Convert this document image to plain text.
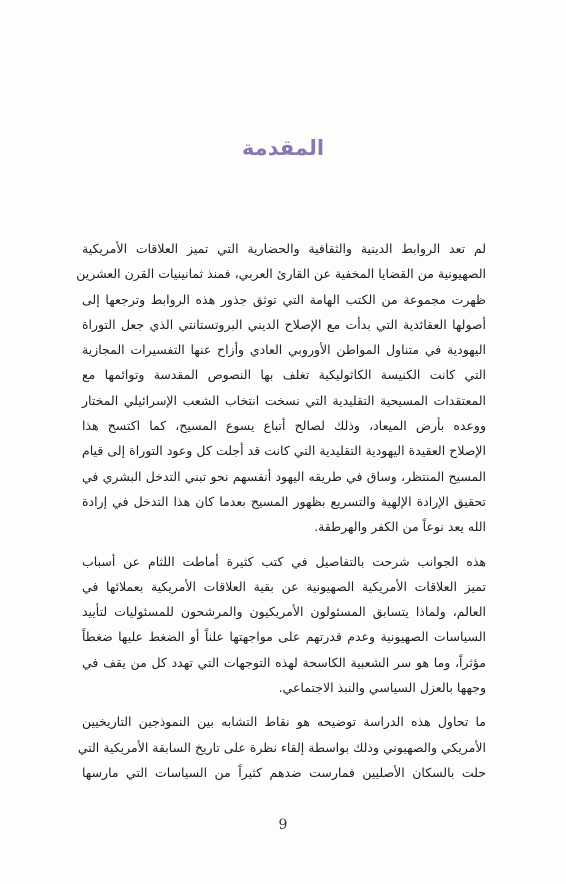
المقدمة
لم تعد الروابط الدينية والثقافية والحضارية التي تميز العلاقات الأمريكية
الصهيونية من القضايا المخفية عن القارئ العربي، فمنذ ثمانينيات القرن العشرين
ظهرت مجموعة من الكتب الهامة التي توثق جذور هذه الروابط وترجعها إلى
أصولها العقائدية التي بدأت مع الإصلاح الديني البروتستانتي الذي جعل التوراة
اليهودية في متناول المواطن الأوروبي العادي وأزاح عنها التفسيرات المجازية
التي كانت الكنيسة الكاثوليكية تغلف بها النصوص المقدسة وتوائمها مع
المعتقدات المسيحية التقليدية التي نسخت انتخاب الشعب الإسرائيلي المختار
ووعده بأرض الميعاد، وذلك لصالح أتباع يسوع المسيح، كما اكتسح هذا
الإصلاح العقيدة اليهودية التقليدية التي كانت قد أجلت كل وعود التوراة إلى قيام
المسيح المنتظر، وساق في طريقه اليهود أنفسهم نحو تبني التدخل البشري في
تحقيق الإرادة الإلهية والتسريع بظهور المسيح بعدما كان هذا التدخل في إرادة
الله يعد نوعاً من الكفر والهرطقة.
هذه الجوانب شرحت بالتفاصيل في كتب كثيرة أماطت اللثام عن أسباب
تميز العلاقات الأمريكية الصهيونية عن بقية العلاقات الأمريكية بعملائها في
العالم، ولماذا يتسابق المسئولون الأمريكيون والمرشحون للمسئوليات لتأييد
السياسات الصهيونية وعدم قدرتهم على مواجهتها علناً أو الضغط عليها ضغطاً
مؤثراً، وما هو سر الشعبية الكاسحة لهذه التوجهات التي تهدد كل من يقف في
وجهها بالعزل السياسي والنبذ الاجتماعي.
ما تحاول هذه الدراسة توضيحه هو نقاط التشابه بين النموذجين التاريخيين
الأمريكي والصهيوني وذلك بواسطة إلقاء نظرة على تاريخ السابقة الأمريكية التي
حلت بالسكان الأصليين فمارست ضدهم كثيراً من السياسات التي مارسها
9
